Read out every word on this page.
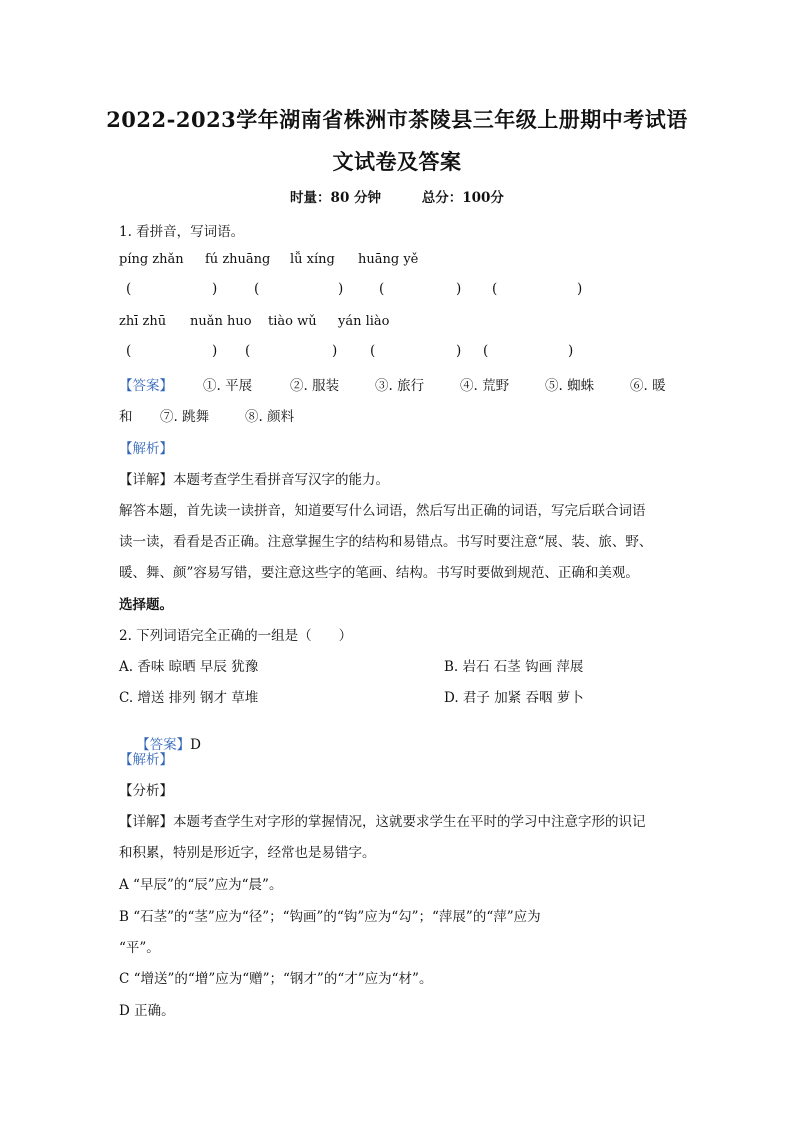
2022-2023学年湖南省株洲市茶陵县三年级上册期中考试语
文试卷及答案
时量：80 分钟	总分：100分
1. 看拼音，写词语。
píng zhǎn fú zhuāng lǚ xíng huāng yě
(	)	(	)	(	) (	)
zhī zhū nuǎn huo tiào wǔ yán liào
(	) (	) (	) (	)
【答案】 ①. 平展	②. 服装	③. 旅行	④. 荒野	⑤. 蜘蛛	⑥. 暖
和 ⑦. 跳舞	⑧. 颜料
【解析】
【详解】本题考查学生看拼音写汉字的能力。
解答本题，首先读一读拼音，知道要写什么词语，然后写出正确的词语，写完后联合词语
读一读，看看是否正确。注意掌握生字的结构和易错点。书写时要注意“展、装、旅、野、
暖、舞、颜”容易写错，要注意这些字的笔画、结构。书写时要做到规范、正确和美观。
选择题。
2. 下列词语完全正确的一组是（　　）
A. 香味 晾晒 早辰 犹豫	B. 岩石 石茎 钩画 萍展
C. 增送 排列 钢才 草堆	D. 君子 加紧 吞咽 萝卜

【答案】D

【解析】
【分析】
【详解】本题考查学生对字形的掌握情况，这就要求学生在平时的学习中注意字形的识记
和积累，特别是形近字，经常也是易错字。
A “早辰”的“辰”应为“晨”。
B “石茎”的“茎”应为“径”；“钩画”的“钩”应为“勾”；“萍展”的“萍”应为
“平”。
C “增送”的“增”应为“赠”；“钢才”的“才”应为“材”。
D 正确。
